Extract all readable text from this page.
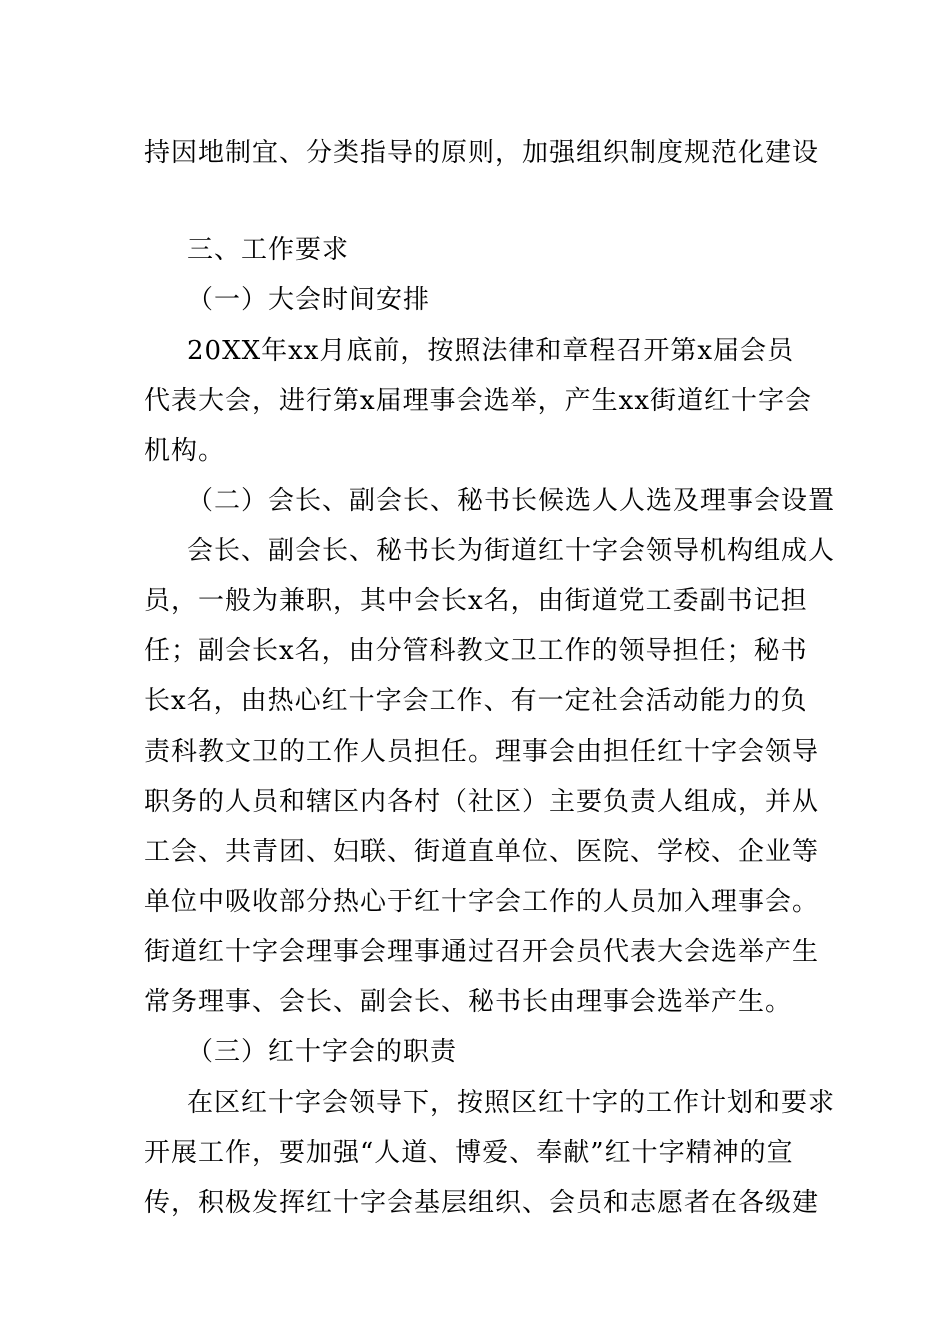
持因地制宜、分类指导的原则，加强组织制度规范化建设
三、工作要求
（一）大会时间安排
20XX年xx月底前，按照法律和章程召开第x届会员
代表大会，进行第x届理事会选举，产生xx街道红十字会
机构。
（二）会长、副会长、秘书长候选人人选及理事会设置
会长、副会长、秘书长为街道红十字会领导机构组成人
员，一般为兼职，其中会长x名，由街道党工委副书记担
任；副会长x名，由分管科教文卫工作的领导担任；秘书
长x名，由热心红十字会工作、有一定社会活动能力的负
责科教文卫的工作人员担任。理事会由担任红十字会领导
职务的人员和辖区内各村（社区）主要负责人组成，并从
工会、共青团、妇联、街道直单位、医院、学校、企业等
单位中吸收部分热心于红十字会工作的人员加入理事会。
街道红十字会理事会理事通过召开会员代表大会选举产生
常务理事、会长、副会长、秘书长由理事会选举产生。
（三）红十字会的职责
在区红十字会领导下，按照区红十字的工作计划和要求
开展工作，要加强“人道、博爱、奉献”红十字精神的宣
传，积极发挥红十字会基层组织、会员和志愿者在各级建
